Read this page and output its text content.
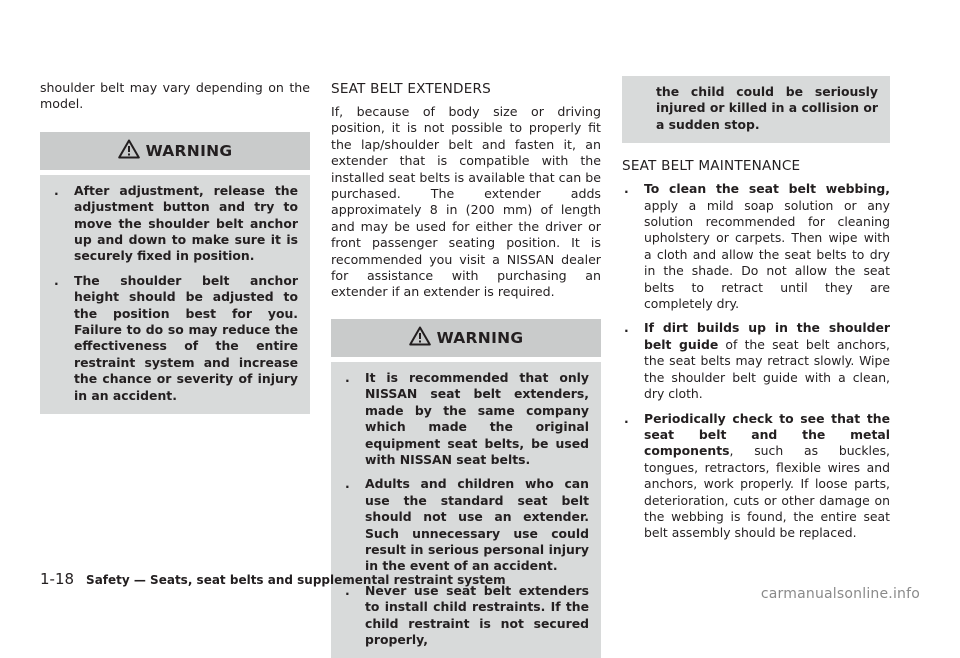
shoulder belt may vary depending on the model.

WARNING
. After adjustment, release the adjustment button and try to move the shoulder belt anchor up and down to make sure it is securely fixed in position.
. The shoulder belt anchor height should be adjusted to the position best for you. Failure to do so may reduce the effectiveness of the entire restraint system and increase the chance or severity of injury in an accident.
SEAT BELT EXTENDERS

If, because of body size or driving position, it is not possible to properly fit the lap/shoulder belt and fasten it, an extender that is compatible with the installed seat belts is available that can be purchased. The extender adds approximately 8 in (200 mm) of length and may be used for either the driver or front passenger seating position. It is recommended you visit a NISSAN dealer for assistance with purchasing an extender if an extender is required.

WARNING
. It is recommended that only NISSAN seat belt extenders, made by the same company which made the original equipment seat belts, be used with NISSAN seat belts.
. Adults and children who can use the standard seat belt should not use an extender. Such unnecessary use could result in serious personal injury in the event of an accident.
. Never use seat belt extenders to install child restraints. If the child restraint is not secured properly,

the child could be seriously injured or killed in a collision or a sudden stop.

SEAT BELT MAINTENANCE
. To clean the seat belt webbing, apply a mild soap solution or any solution recommended for cleaning upholstery or carpets. Then wipe with a cloth and allow the seat belts to dry in the shade. Do not allow the seat belts to retract until they are completely dry.
. If dirt builds up in the shoulder belt guide of the seat belt anchors, the seat belts may retract slowly. Wipe the shoulder belt guide with a clean, dry cloth.
. Periodically check to see that the seat belt and the metal components, such as buckles, tongues, retractors, flexible wires and anchors, work properly. If loose parts, deterioration, cuts or other damage on the webbing is found, the entire seat belt assembly should be replaced.
1-18 Safety — Seats, seat belts and supplemental restraint system
carmanualsonline.info
